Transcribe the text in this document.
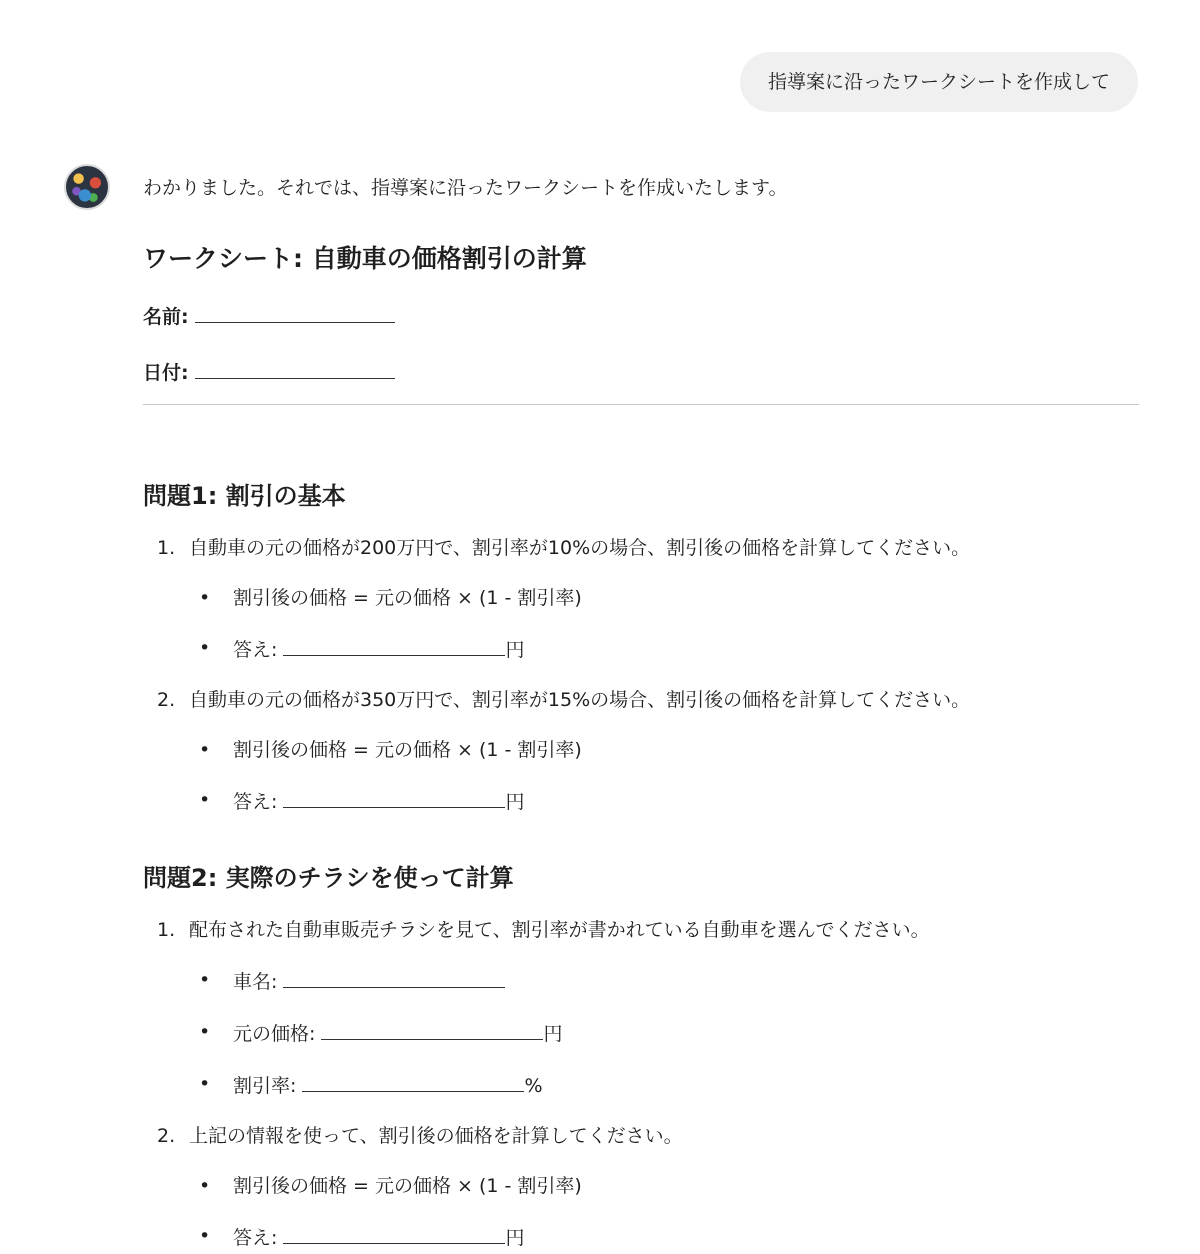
指導案に沿ったワークシートを作成して

わかりました。それでは、指導案に沿ったワークシートを作成いたします。

ワークシート: 自動車の価格割引の計算
名前:
日付:
問題1: 割引の基本
1. 自動車の元の価格が200万円で、割引率が10%の場合、割引後の価格を計算してください。
• 割引後の価格 = 元の価格 × (1 - 割引率)
• 答え:	円
2. 自動車の元の価格が350万円で、割引率が15%の場合、割引後の価格を計算してください。
• 割引後の価格 = 元の価格 × (1 - 割引率)
• 答え:	円
問題2: 実際のチラシを使って計算
1. 配布された自動車販売チラシを見て、割引率が書かれている自動車を選んでください。
• 車名:
• 元の価格:	円
• 割引率:	%
2. 上記の情報を使って、割引後の価格を計算してください。
• 割引後の価格 = 元の価格 × (1 - 割引率)
• 答え:	円
